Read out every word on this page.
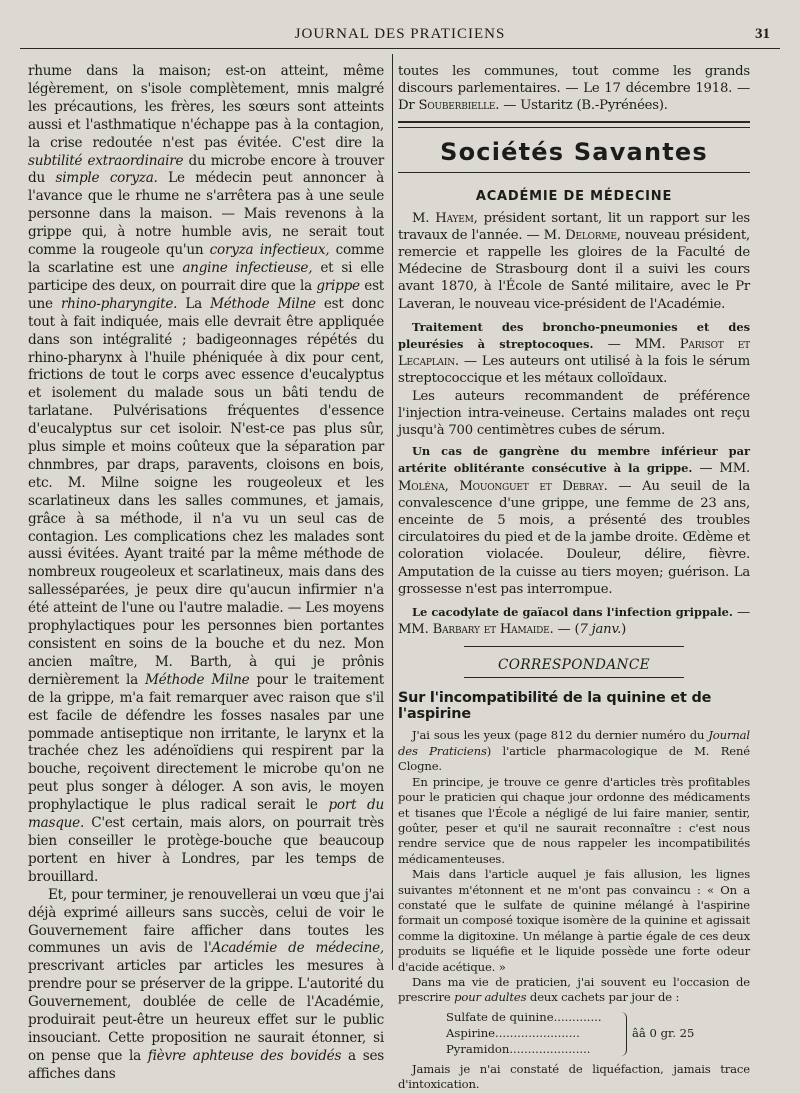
JOURNAL DES PRATICIENS	31

rhume dans la maison; est-on atteint, même légèrement, on s'isole complètement, mnis malgré les précautions, les frères, les sœurs sont atteints aussi et l'asthmatique n'échappe pas à la contagion, la crise redoutée n'est pas évitée. C'est dire la subtilité extraordinaire du microbe encore à trouver du simple coryza. Le médecin peut annoncer à l'avance que le rhume ne s'arrêtera pas à une seule personne dans la maison. — Mais revenons à la grippe qui, à notre humble avis, ne serait tout comme la rougeole qu'un coryza infectieux, comme la scarlatine est une angine infectieuse, et si elle participe des deux, on pourrait dire que la grippe est une rhino-pharyngite. La Méthode Milne est donc tout à fait indiquée, mais elle devrait être appliquée dans son intégralité ; badigeonnages répétés du rhino-pharynx à l'huile phéniquée à dix pour cent, frictions de tout le corps avec essence d'eucalyptus et isolement du malade sous un bâti tendu de tarlatane. Pulvérisations fréquentes d'essence d'eucalyptus sur cet isoloir. N'est-ce pas plus sûr, plus simple et moins coûteux que la séparation par chnmbres, par draps, paravents, cloisons en bois, etc. M. Milne soigne les rougeoleux et les scarlatineux dans les salles communes, et jamais, grâce à sa méthode, il n'a vu un seul cas de contagion. Les complications chez les malades sont aussi évitées. Ayant traité par la même méthode de nombreux rougeoleux et scarlatineux, mais dans des sallesséparées, je peux dire qu'aucun infirmier n'a été atteint de l'une ou l'autre maladie. — Les moyens prophylactiques pour les personnes bien portantes consistent en soins de la bouche et du nez. Mon ancien maître, M. Barth, à qui je prônis dernièrement la Méthode Milne pour le traitement de la grippe, m'a fait remarquer avec raison que s'il est facile de défendre les fosses nasales par une pommade antiseptique non irritante, le larynx et la trachée chez les adénoïdiens qui respirent par la bouche, reçoivent directement le microbe qu'on ne peut plus songer à déloger. A son avis, le moyen prophylactique le plus radical serait le port du masque. C'est certain, mais alors, on pourrait très bien conseiller le protège-bouche que beaucoup portent en hiver à Londres, par les temps de brouillard.

Et, pour terminer, je renouvellerai un vœu que j'ai déjà exprimé ailleurs sans succès, celui de voir le Gouvernement faire afficher dans toutes les communes un avis de l'Académie de médecine, prescrivant articles par articles les mesures à prendre pour se préserver de la grippe. L'autorité du Gouvernement, doublée de celle de l'Académie, produirait peut-être un heureux effet sur le public insouciant. Cette proposition ne saurait étonner, si on pense que la fièvre aphteuse des bovidés a ses affiches dans

toutes les communes, tout comme les grands discours parlementaires. — Le 17 décembre 1918. — Dr Souberbielle. — Ustaritz (B.-Pyrénées).

Sociétés Savantes
ACADÉMIE DE MÉDECINE

M. Hayem, président sortant, lit un rapport sur les travaux de l'année. — M. Delorme, nouveau président, remercie et rappelle les gloires de la Faculté de Médecine de Strasbourg dont il a suivi les cours avant 1870, à l'École de Santé militaire, avec le Pr Laveran, le nouveau vice-président de l'Académie.

Traitement des broncho-pneumonies et des pleurésies à streptocoques. — MM. Parisot et Lecaplain. — Les auteurs ont utilisé à la fois le sérum streptococcique et les métaux colloïdaux.

Les auteurs recommandent de préférence l'injection intra-veineuse. Certains malades ont reçu jusqu'à 700 centimètres cubes de sérum.

Un cas de gangrène du membre inférieur par artérite oblitérante consécutive à la grippe. — MM. Moléna, Mouonguet et Debray. — Au seuil de la convalescence d'une grippe, une femme de 23 ans, enceinte de 5 mois, a présenté des troubles circulatoires du pied et de la jambe droite. Œdème et coloration violacée. Douleur, délire, fièvre. Amputation de la cuisse au tiers moyen; guérison. La grossesse n'est pas interrompue.

Le cacodylate de gaïacol dans l'infection grippale. — MM. Barbary et Hamaide. — (7 janv.)

CORRESPONDANCE
Sur l'incompatibilité de la quinine et de l'aspirine

J'ai sous les yeux (page 812 du dernier numéro du Journal des Praticiens) l'article pharmacologique de M. René Clogne.

En principe, je trouve ce genre d'articles très profitables pour le praticien qui chaque jour ordonne des médicaments et tisanes que l'École a négligé de lui faire manier, sentir, goûter, peser et qu'il ne saurait reconnaître : c'est nous rendre service que de nous rappeler les incompatibilités médicamenteuses.

Mais dans l'article auquel je fais allusion, les lignes suivantes m'étonnent et ne m'ont pas convaincu : « On a constaté que le sulfate de quinine mélangé à l'aspirine formait un composé toxique isomère de la quinine et agissait comme la digitoxine. Un mélange à partie égale de ces deux produits se liquéfie et le liquide possède une forte odeur d'acide acétique. »

Dans ma vie de praticien, j'ai souvent eu l'occasion de prescrire pour adultes deux cachets par jour de :

Sulfate de quinine.............
Aspirine.......................
Pyramidon......................
ââ 0 gr. 25

Jamais je n'ai constaté de liquéfaction, jamais trace d'intoxication.
